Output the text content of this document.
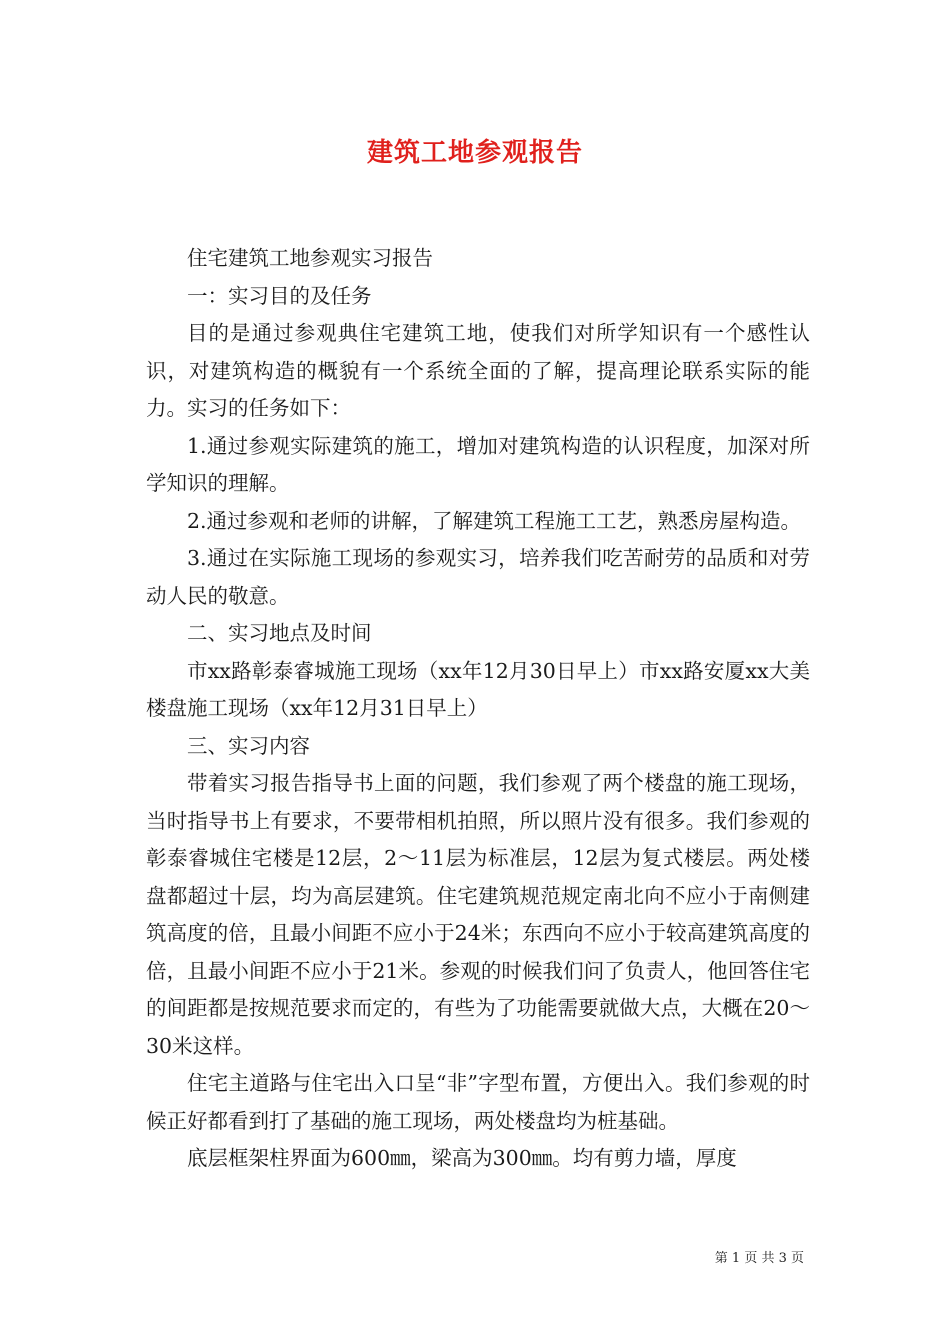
建筑工地参观报告

住宅建筑工地参观实习报告

一：实习目的及任务

目的是通过参观典住宅建筑工地，使我们对所学知识有一个感性认识，对建筑构造的概貌有一个系统全面的了解，提高理论联系实际的能力。实习的任务如下：

1.通过参观实际建筑的施工，增加对建筑构造的认识程度，加深对所学知识的理解。

2.通过参观和老师的讲解，了解建筑工程施工工艺，熟悉房屋构造。

3.通过在实际施工现场的参观实习，培养我们吃苦耐劳的品质和对劳动人民的敬意。

二、实习地点及时间

市xx路彰泰睿城施工现场（xx年12月30日早上）市xx路安厦xx大美楼盘施工现场（xx年12月31日早上）

三、实习内容

带着实习报告指导书上面的问题，我们参观了两个楼盘的施工现场，当时指导书上有要求，不要带相机拍照，所以照片没有很多。我们参观的彰泰睿城住宅楼是12层，2～11层为标准层，12层为复式楼层。两处楼盘都超过十层，均为高层建筑。住宅建筑规范规定南北向不应小于南侧建筑高度的倍，且最小间距不应小于24米；东西向不应小于较高建筑高度的倍，且最小间距不应小于21米。参观的时候我们问了负责人，他回答住宅的间距都是按规范要求而定的，有些为了功能需要就做大点，大概在20～30米这样。

住宅主道路与住宅出入口呈“非”字型布置，方便出入。我们参观的时候正好都看到打了基础的施工现场，两处楼盘均为桩基础。

底层框架柱界面为600㎜，梁高为300㎜。均有剪力墙，厚度

第 1 页 共 3 页
